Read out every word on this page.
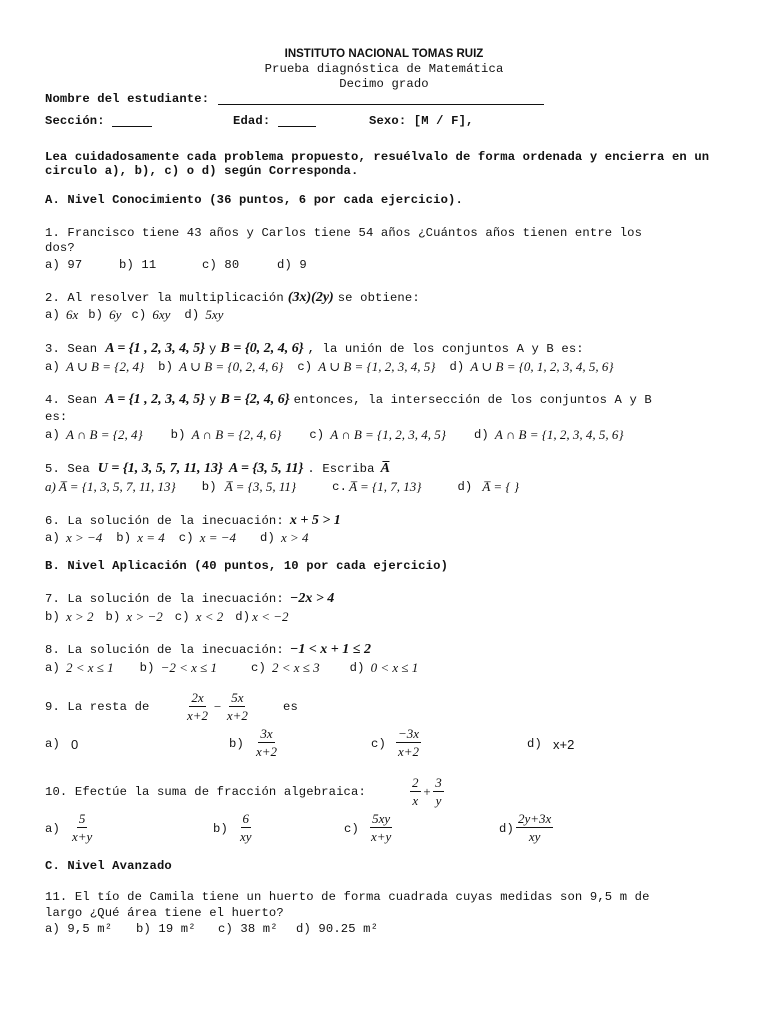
INSTITUTO NACIONAL TOMAS RUIZ
Prueba diagnóstica de Matemática
Decimo grado
Nombre del estudiante:
Sección:	Edad:	Sexo: [M / F],
Lea cuidadosamente cada problema propuesto, resuélvalo de forma ordenada y encierra en un
circulo a), b), c) o d) según Corresponda.
A. Nivel Conocimiento (36 puntos, 6 por cada ejercicio).
1. Francisco tiene 43 años y Carlos tiene 54 años ¿Cuántos años tienen entre los
dos?
a) 97	b) 11	c) 80	d) 9
2. Al resolver la multiplicación (3x)(2y) se obtiene:
a) 6x b) 6y c) 6xy d) 5xy
3. Sean A = {1 , 2, 3, 4, 5} y B = {0, 2, 4, 6} , la unión de los conjuntos A y B es:
a) A ∪ B = {2, 4} b) A ∪ B = {0, 2, 4, 6} c) A ∪ B = {1, 2, 3, 4, 5} d) A ∪ B = {0, 1, 2, 3, 4, 5, 6}
4. Sean A = {1 , 2, 3, 4, 5} y B = {2, 4, 6} entonces, la intersección de los conjuntos A y B
es:
a) A ∩ B = {2, 4} b) A ∩ B = {2, 4, 6} c) A ∩ B = {1, 2, 3, 4, 5} d) A ∩ B = {1, 2, 3, 4, 5, 6}
5. Sea U = {1, 3, 5, 7, 11, 13} A = {3, 5, 11} . Escriba A̅
a) A̅ = {1, 3, 5, 7, 11, 13} b) A̅ = {3, 5, 11}	c. A̅ = {1, 7, 13}	d) A̅ = { }
6. La solución de la inecuación: x + 5 > 1
a) x > −4 b) x = 4 c) x = −4 d) x > 4
B. Nivel Aplicación (40 puntos, 10 por cada ejercicio)
7. La solución de la inecuación: −2x > 4
b) x > 2 b) x > −2 c) x < 2 d) x < −2
8. La solución de la inecuación: −1 < x + 1 ≤ 2
a) 2 < x ≤ 1 b) −2 < x ≤ 1	c) 2 < x ≤ 3 d) 0 < x ≤ 1
9. La resta de	$\frac{2x}{x+2} - \frac{5x}{x+2}$	es
a) 0	$b) \frac{3x}{x+2}$	$c) \frac{-3x}{x+2}$	d) x+2
10. Efectúe la suma de fracción algebraica:	$\frac{2}{x} + \frac{3}{y}$
$a) \frac{5}{x+y}$	$b) \frac{6}{xy}$	$c) \frac{5xy}{x+y}$	$d) \frac{2y+3x}{xy}$
C. Nivel Avanzado
11. El tío de Camila tiene un huerto de forma cuadrada cuyas medidas son 9,5 m de
largo ¿Qué área tiene el huerto?
a) 9,5 m² b) 19 m² c) 38 m² d) 90.25 m²
